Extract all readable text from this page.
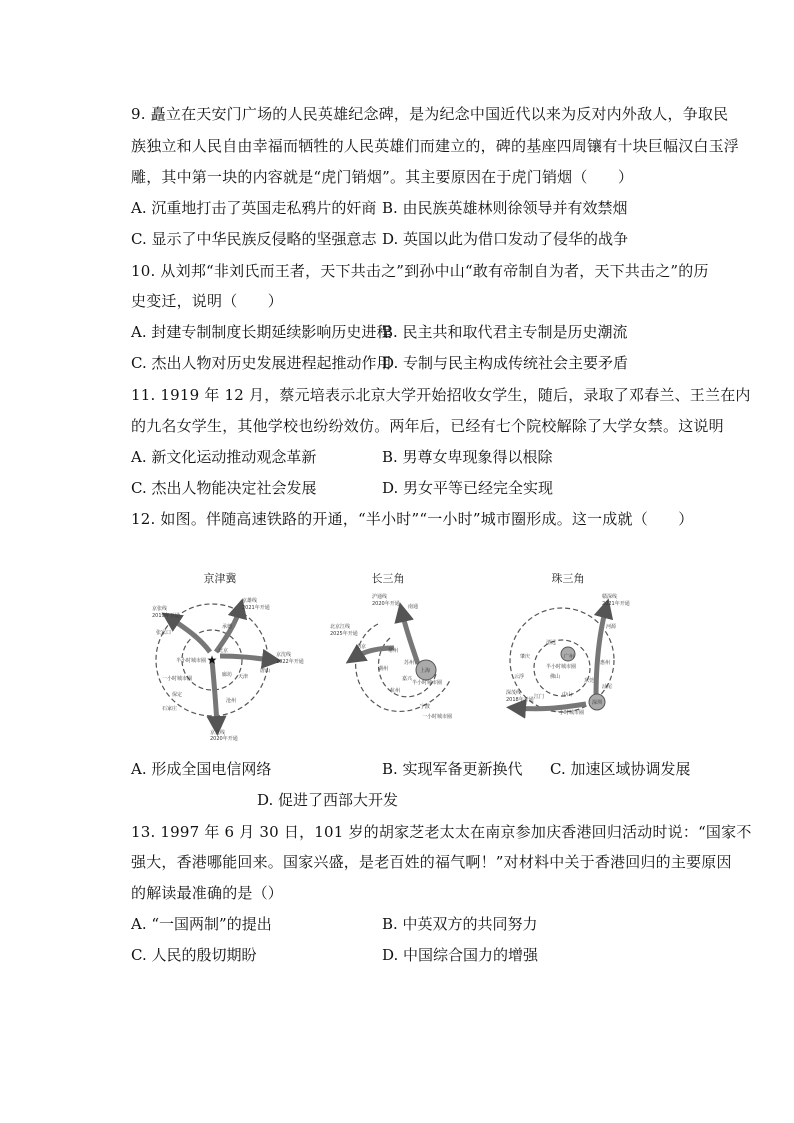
9. 矗立在天安门广场的人民英雄纪念碑，是为纪念中国近代以来为反对内外敌人，争取民
族独立和人民自由幸福而牺牲的人民英雄们而建立的，碑的基座四周镶有十块巨幅汉白玉浮
雕，其中第一块的内容就是“虎门销烟”。其主要原因在于虎门销烟（　　）
A. 沉重地打击了英国走私鸦片的奸商 B. 由民族英雄林则徐领导并有效禁烟
C. 显示了中华民族反侵略的坚强意志 D. 英国以此为借口发动了侵华的战争
10. 从刘邦“非刘氏而王者，天下共击之”到孙中山“敢有帝制自为者，天下共击之”的历
史变迁，说明（　　）
A. 封建专制制度长期延续影响历史进程
B. 民主共和取代君主专制是历史潮流
C. 杰出人物对历史发展进程起推动作用
D. 专制与民主构成传统社会主要矛盾
11. 1919 年 12 月，蔡元培表示北京大学开始招收女学生，随后，录取了邓春兰、王兰在内
的九名女学生，其他学校也纷纷效仿。两年后，已经有七个院校解除了大学女禁。这说明
A. 新文化运动推动观念革新	B. 男尊女卑现象得以根除
C. 杰出人物能决定社会发展	D. 男女平等已经完全实现
12. 如图。伴随高速铁路的开通，“半小时”“一小时”城市圈形成。这一成就（　　）
京津冀
★
京张线
2019年开通
京雄线
2021年开通
京沈线
2022年开通
张家口
承德
唐山
北京
天津
保定
廊坊
沧州
石家庄
半小时城市圈
一小时城市圈
京九线
2020年开通
长三角
沪通线
2020年开通 南通
北京江线
2025年开通
南京
常州
苏州
上海
湖州
嘉兴
杭州
宁波
半小时城市圈
一小时城市圈
珠三角
赣深线
2021年开通
清远
广州
惠州
河源
肇庆
佛山
东莞
汕尾
云浮
江门	中山
深圳
深茂线
2018年开通
半小时城市圈
一小时城市圈
A. 形成全国电信网络	B. 实现军备更新换代 C. 加速区域协调发展
D. 促进了西部大开发
13. 1997 年 6 月 30 日，101 岁的胡家芝老太太在南京参加庆香港回归活动时说：“国家不
强大，香港哪能回来。国家兴盛，是老百姓的福气啊！”对材料中关于香港回归的主要原因
的解读最准确的是（）
A. “一国两制”的提出	B. 中英双方的共同努力
C. 人民的殷切期盼	D. 中国综合国力的增强
